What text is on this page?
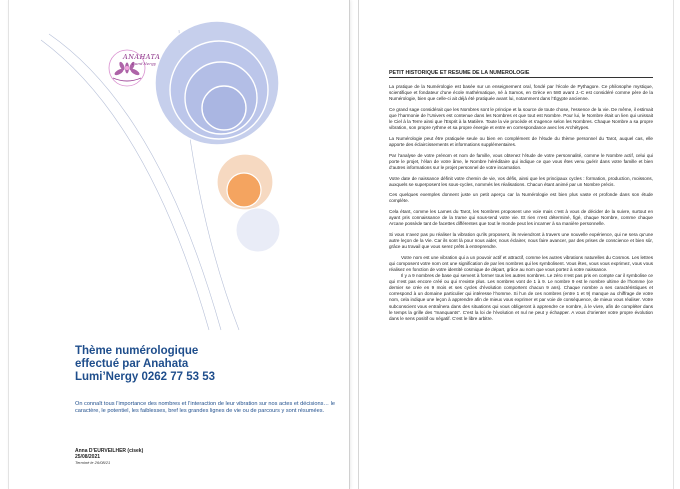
ANAHATA
Lumi'Nergy
Thème numérologique
effectué par Anahata
Lumi’Nergy 0262 77 53 53

On connaît tous l’importance des nombres et l’interaction de leur vibration sur nos actes et décisions… le caractère, le potentiel, les faiblesses, bref les grandes lignes de vie ou de parcours y sont résumées.

Anna D’EURVEILHER (cisek)

25/08/2021

Terminé le 26/08/21

PETIT HISTORIQUE ET RESUME DE LA NUMEROLOGIE

La pratique de la Numérologie est basée sur un enseignement oral, fondé par l’école de Pythagore. Ce philosophe mystique, scientifique et fondateur d’une école mathématique, né à Samos, en Grèce en 580 avant J.-C est considéré comme père de la Numérologie, bien que celle-ci ait déjà été pratiquée avant lui, notamment dans l’Égypte ancienne.

Ce grand sage considérait que les Nombres sont le principe et la source de toute chose, l’essence de la vie. De même, il estimait que l’harmonie de l’Univers est contenue dans les Nombres et que tout est Nombre. Pour lui, le Nombre était un lien qui unissait le Ciel à la Terre ainsi que l’Esprit à la Matière. Toute la vie procède et s’agence selon les Nombres. Chaque Nombre a sa propre vibration, son propre rythme et sa propre énergie et entre en correspondance avec les Archétypes.

La Numérologie peut être pratiquée seule ou bien en complément de l’étude du thème personnel du Tarot, auquel cas, elle apporte des éclaircissements et informations supplémentaires.

Par l’analyse de votre prénom et nom de famille, vous obtenez l’étude de votre personnalité, comme le Nombre actif, celui qui porte le projet, l’élan de votre âme, le Nombre héréditaire qui indique ce que vous êtes venu guérir dans votre famille et bien d’autres informations sur le projet personnel de votre incarnation.

Votre date de naissance définit votre chemin de vie, vos défis, ainsi que les principaux cycles : formation, production, moissons, auxquels se superposent les sous-cycles, nommés les réalisations. Chacun étant animé par un Nombre précis.

Ces quelques exemples donnent juste un petit aperçu car la Numérologie est bien plus vaste et profonde dans son étude complète.

Cela étant, comme les Lames du Tarot, les Nombres proposent une voie mais c’est à vous de décider de la suivre, surtout en ayant pris connaissance de la trame qui sous-tend votre vie. Et rien n’est déterminé, figé, chaque Nombre, comme chaque Arcane possède tant de facettes différentes que tout le monde peut les incarner à sa manière personnelle.

Si vous n’avez pas pu réaliser la vibration qu’ils proposent, ils reviendront à travers une nouvelle expérience, qui ne sera qu’une autre leçon de la Vie. Car ils sont là pour nous aider, nous éclairer, nous faire avancer, par des prises de conscience et bien sûr, grâce au travail que vous serez prêts à entreprendre.

Votre nom est une vibration qui a un pouvoir actif et attractif, comme les autres vibrations naturelles du Cosmos. Les lettres qui composent votre nom ont une signification de par les nombres qui les symbolisent. Vous êtes, vous vous exprimez, vous vous réalisez en fonction de votre identité cosmique de départ, grâce au nom que vous portez à votre naissance.

Il y a 9 nombres de base qui servent à former tous les autres nombres. Le zéro n’est pas pris en compte car il symbolise ce qui n’est pas encore créé ou qui n’existe plus. Les nombres vont de 1 à 9. Le nombre 9 est le nombre ultime de l’homme (ce dernier se crée en 9 mois et ses cycles d’évolution comportent chacun 9 ans). Chaque nombre a ses caractéristiques et correspond à un domaine particulier qui intéresse l’homme. Si l’un de ces nombres (entre 1 et 9) manque au chiffrage de votre nom, cela indique une leçon à apprendre afin de mieux vous exprimer et par voie de conséquence, de mieux vous réaliser. Votre subconscient vous entraînera dans des situations qui vous obligeront à apprendre ce nombre, à le vivre, afin de compléter dans le temps la grille des “manquants”. C’est la loi de l’évolution et nul ne peut y échapper. A vous d’orienter votre propre évolution dans le sens positif ou négatif. C’est le libre arbitre.
